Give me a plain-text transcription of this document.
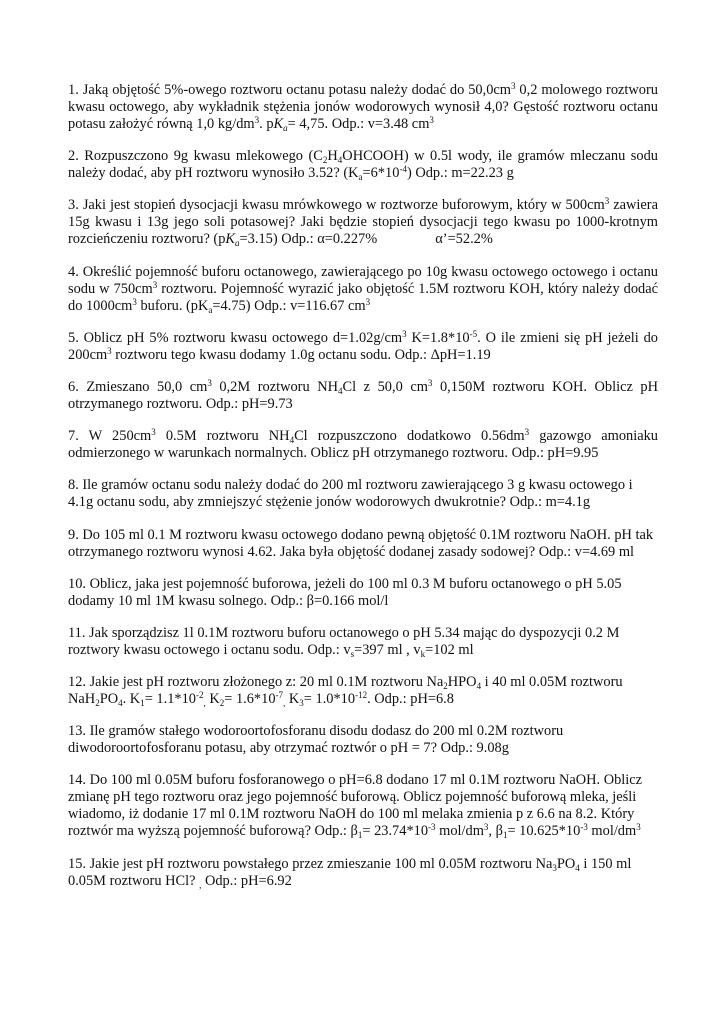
1. Jaką objętość 5%-owego roztworu octanu potasu należy dodać do $50,0cm^3$ 0,2 molowego roztworu kwasu octowego, aby wykładnik stężenia jonów wodorowych wynosił 4,0? Gęstość roztworu octanu potasu założyć równą 1,0 $kg/dm^3$. $pK_a= 4,75$. Odp.: v=3.48 $cm^3$

2. Rozpuszczono 9g kwasu mlekowego $(C_2H_4OHCOOH)$ w 0.5l wody, ile gramów mleczanu sodu należy dodać, aby pH roztworu wynosiło 3.52? $(K_a=6*10^{-4})$ Odp.: m=22.23 g

3. Jaki jest stopień dysocjacji kwasu mrówkowego w roztworze buforowym, który w $500cm^3$ zawiera 15g kwasu i 13g jego soli potasowej? Jaki będzie stopień dysocjacji tego kwasu po 1000-krotnym rozcieńczeniu roztworu? $(pK_a=3.15)$ Odp.: α=0.227%	α’=52.2%

4. Określić pojemność buforu octanowego, zawierającego po 10g kwasu octowego octowego i octanu sodu w $750cm^3$ roztworu. Pojemność wyrazić jako objętość 1.5M roztworu KOH, który należy dodać do $1000cm^3$ buforu. $(pK_a=4.75)$ Odp.: v=116.67 $cm^3$

5. Oblicz pH 5% roztworu kwasu octowego $d=1.02g/cm^3$ $K=1.8*10^{-5}$. O ile zmieni się pH jeżeli do $200cm^3$ roztworu tego kwasu dodamy 1.0g octanu sodu. Odp.: ΔpH=1.19

6. Zmieszano 50,0 $cm^3$ 0,2M roztworu $NH_4Cl$ z 50,0 $cm^3$ 0,150M roztworu KOH. Oblicz pH otrzymanego roztworu. Odp.: pH=9.73

7. W $250cm^3$ 0.5M roztworu $NH_4Cl$ rozpuszczono dodatkowo $0.56dm^3$ gazowgo amoniaku odmierzonego w warunkach normalnych. Oblicz pH otrzymanego roztworu. Odp.: pH=9.95

8. Ile gramów octanu sodu należy dodać do 200 ml roztworu zawierającego 3 g kwasu octowego i 4.1g octanu sodu, aby zmniejszyć stężenie jonów wodorowych dwukrotnie? Odp.: m=4.1g

9. Do 105 ml 0.1 M roztworu kwasu octowego dodano pewną objętość 0.1M roztworu NaOH. pH tak otrzymanego roztworu wynosi 4.62. Jaka była objętość dodanej zasady sodowej? Odp.: v=4.69 ml

10. Oblicz, jaka jest pojemność buforowa, jeżeli do 100 ml 0.3 M buforu octanowego o pH 5.05 dodamy 10 ml 1M kwasu solnego. Odp.: β=0.166 mol/l

11. Jak sporządzisz 1l 0.1M roztworu buforu octanowego o pH 5.34 mając do dyspozycji 0.2 M roztwory kwasu octowego i octanu sodu. Odp.: $v_s=397$ ml , $v_k=102$ ml

12. Jakie jest pH roztworu złożonego z: 20 ml 0.1M roztworu $Na_2HPO_4$ i 40 ml 0.05M roztworu $NaH_2PO_4$. $K_1= 1.1*10^{-2}_,$ $K_2= 1.6*10^{-7}_,$ $K_3= 1.0*10^{-12}$. Odp.: pH=6.8

13. Ile gramów stałego wodoroortofosforanu disodu dodasz do 200 ml 0.2M roztworu diwodoroortofosforanu potasu, aby otrzymać roztwór o pH = 7? Odp.: 9.08g

14. Do 100 ml 0.05M buforu fosforanowego o pH=6.8 dodano 17 ml 0.1M roztworu NaOH. Oblicz zmianę pH tego roztworu oraz jego pojemność buforową. Oblicz pojemność buforową mleka, jeśli wiadomo, iż dodanie 17 ml 0.1M roztworu NaOH do 100 ml melaka zmienia p z 6.6 na 8.2. Który roztwór ma wyższą pojemność buforową? Odp.: $\beta_1= 23.74*10^{-3}$ mol/$dm^3$, $\beta_1= 10.625*10^{-3}$ mol/$dm^3$

15. Jakie jest pH roztworu powstałego przez zmieszanie 100 ml 0.05M roztworu $Na_3PO_4$ i 150 ml 0.05M roztworu HCl? $_,$ Odp.: pH=6.92
